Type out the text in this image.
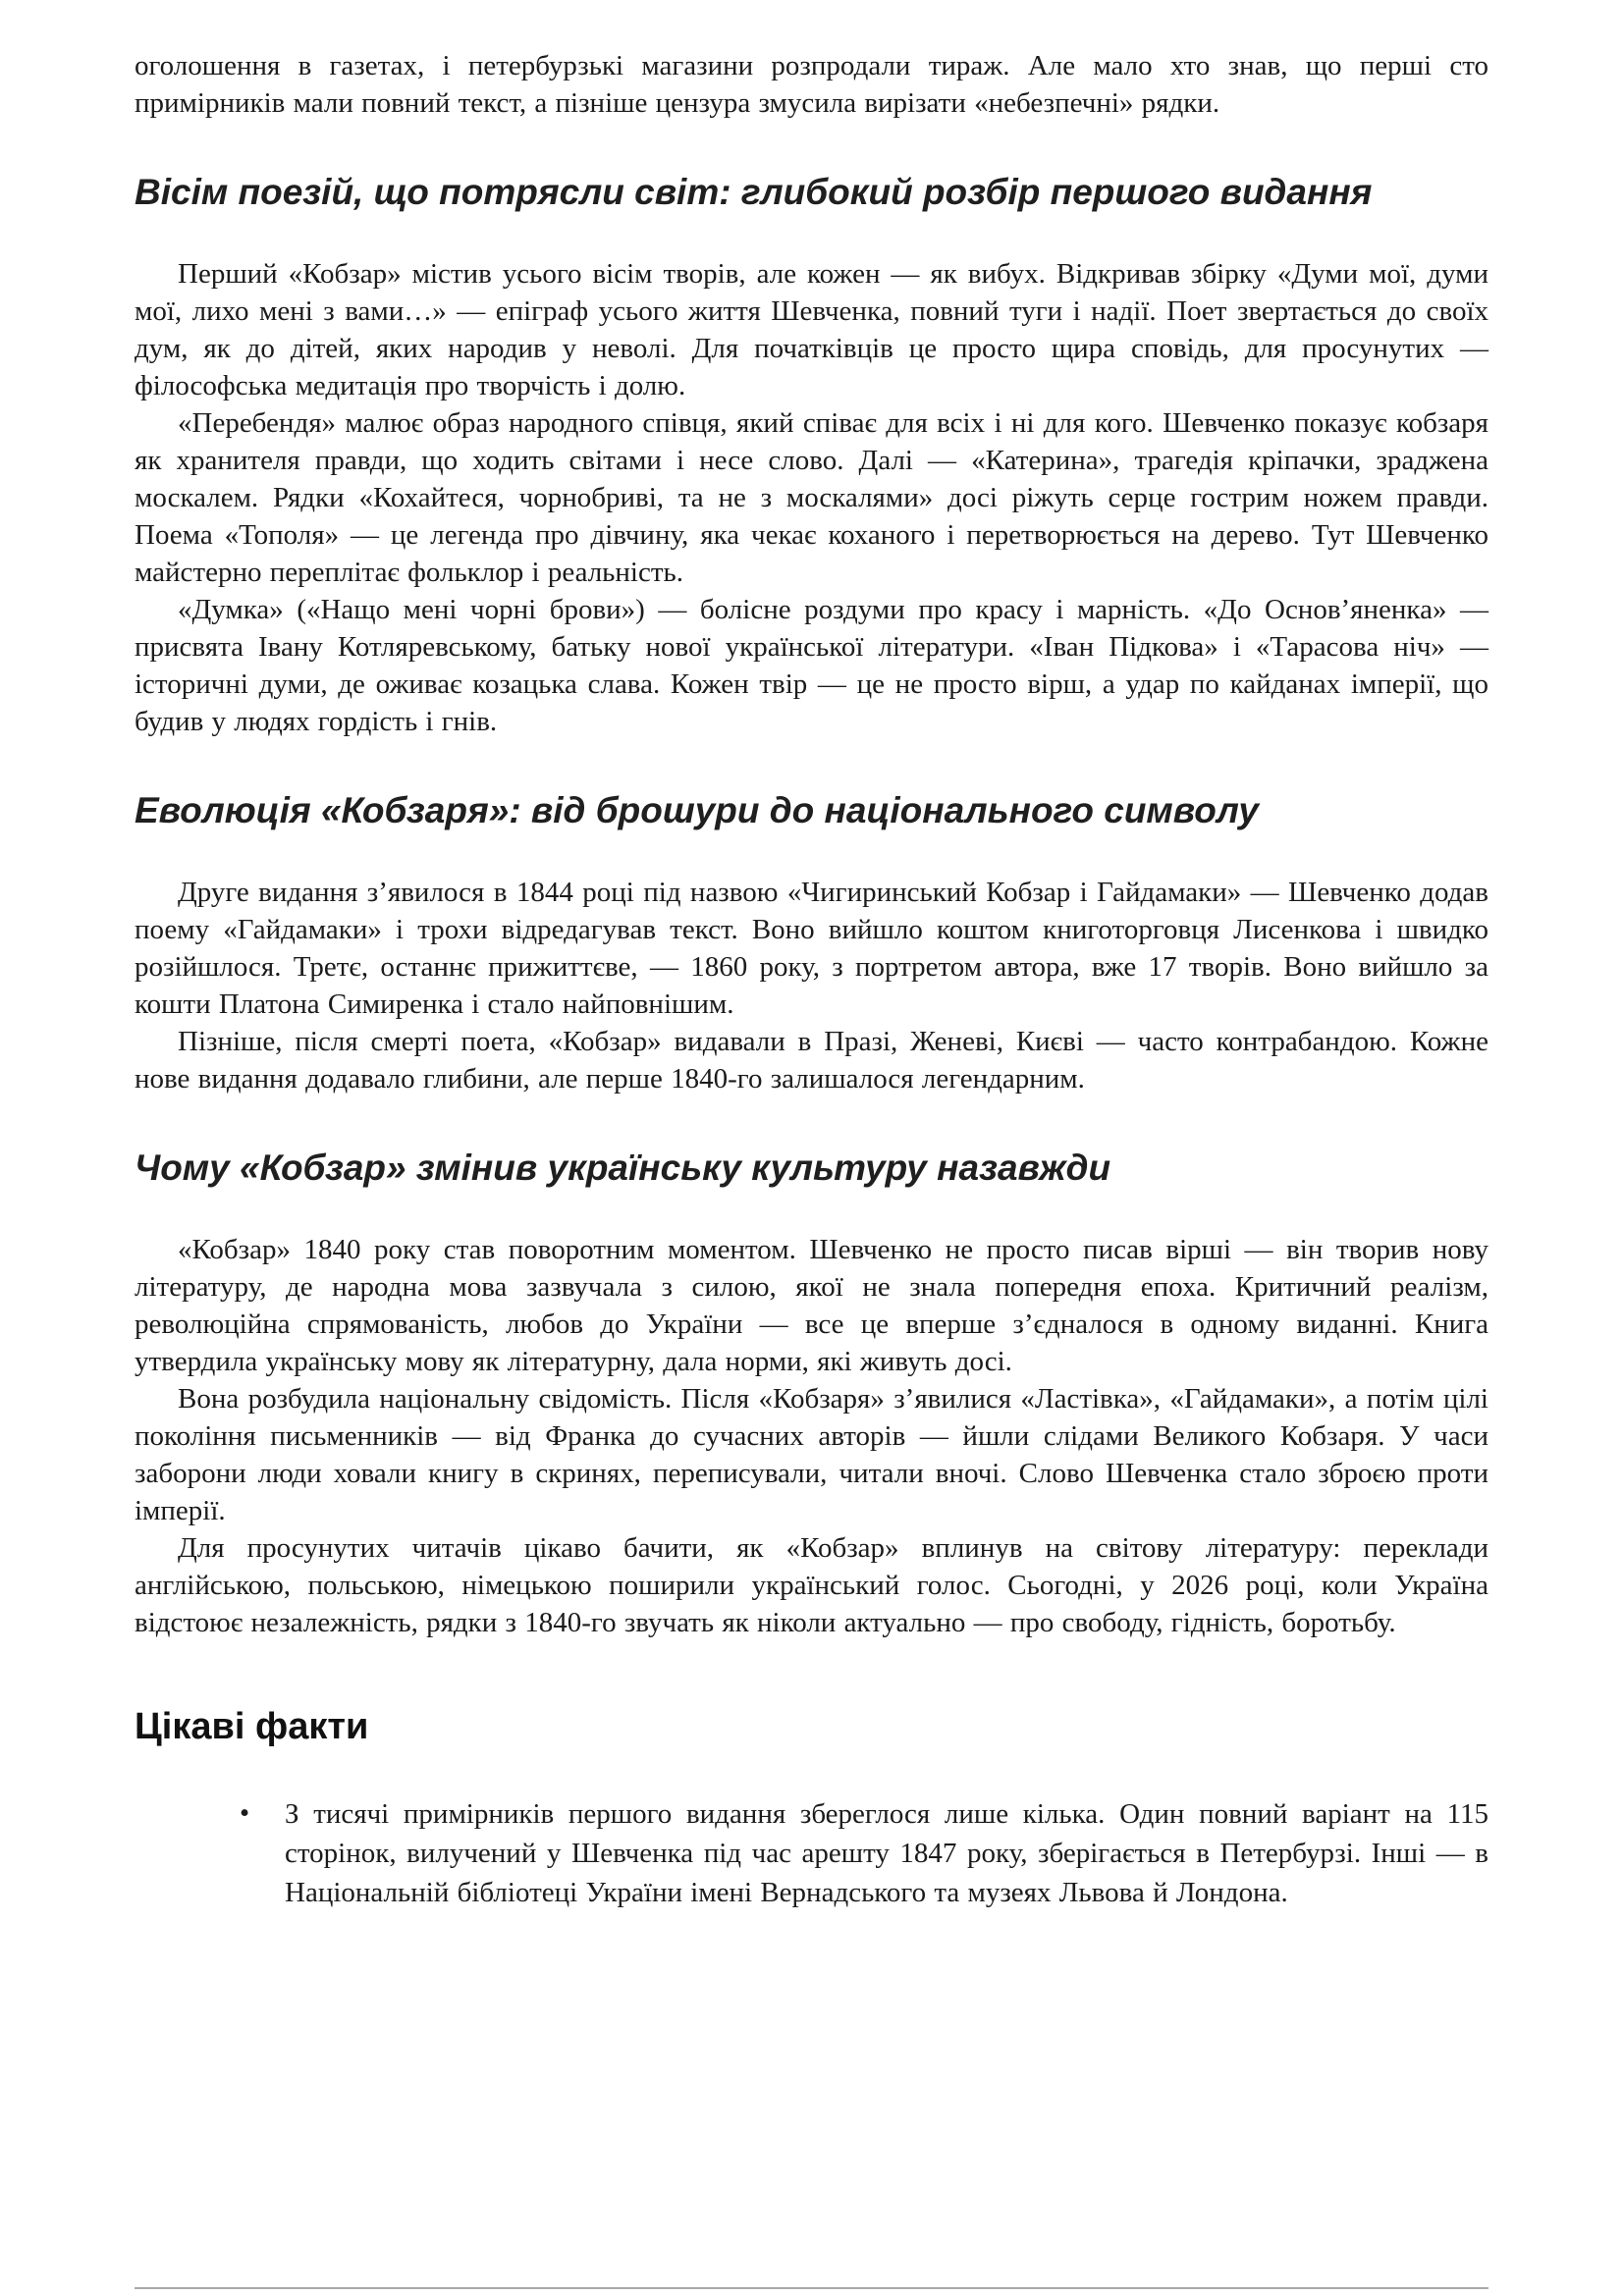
оголошення в газетах, і петербурзькі магазини розпродали тираж. Але мало хто знав, що перші сто примірників мали повний текст, а пізніше цензура змусила вирізати «небезпечні» рядки.

Вісім поезій, що потрясли світ: глибокий розбір першого видання

Перший «Кобзар» містив усього вісім творів, але кожен — як вибух. Відкривав збірку «Думи мої, думи мої, лихо мені з вами…» — епіграф усього життя Шевченка, повний туги і надії. Поет звертається до своїх дум, як до дітей, яких народив у неволі. Для початківців це просто щира сповідь, для просунутих — філософська медитація про творчість і долю.

«Перебендя» малює образ народного співця, який співає для всіх і ні для кого. Шевченко показує кобзаря як хранителя правди, що ходить світами і несе слово. Далі — «Катерина», трагедія кріпачки, зраджена москалем. Рядки «Кохайтеся, чорнобриві, та не з москалями» досі ріжуть серце гострим ножем правди. Поема «Тополя» — це легенда про дівчину, яка чекає коханого і перетворюється на дерево. Тут Шевченко майстерно переплітає фольклор і реальність.

«Думка» («Нащо мені чорні брови») — болісне роздуми про красу і марність. «До Основ’яненка» — присвята Івану Котляревському, батьку нової української літератури. «Іван Підкова» і «Тарасова ніч» — історичні думи, де оживає козацька слава. Кожен твір — це не просто вірш, а удар по кайданах імперії, що будив у людях гордість і гнів.

Еволюція «Кобзаря»: від брошури до національного символу

Друге видання з’явилося в 1844 році під назвою «Чигиринський Кобзар і Гайдамаки» — Шевченко додав поему «Гайдамаки» і трохи відредагував текст. Воно вийшло коштом книготорговця Лисенкова і швидко розійшлося. Третє, останнє прижиттєве, — 1860 року, з портретом автора, вже 17 творів. Воно вийшло за кошти Платона Симиренка і стало найповнішим.

Пізніше, після смерті поета, «Кобзар» видавали в Празі, Женеві, Києві — часто контрабандою. Кожне нове видання додавало глибини, але перше 1840-го залишалося легендарним.

Чому «Кобзар» змінив українську культуру назавжди

«Кобзар» 1840 року став поворотним моментом. Шевченко не просто писав вірші — він творив нову літературу, де народна мова зазвучала з силою, якої не знала попередня епоха. Критичний реалізм, революційна спрямованість, любов до України — все це вперше з’єдналося в одному виданні. Книга утвердила українську мову як літературну, дала норми, які живуть досі.

Вона розбудила національну свідомість. Після «Кобзаря» з’явилися «Ластівка», «Гайдамаки», а потім цілі покоління письменників — від Франка до сучасних авторів — йшли слідами Великого Кобзаря. У часи заборони люди ховали книгу в скринях, переписували, читали вночі. Слово Шевченка стало зброєю проти імперії.

Для просунутих читачів цікаво бачити, як «Кобзар» вплинув на світову літературу: переклади англійською, польською, німецькою поширили український голос. Сьогодні, у 2026 році, коли Україна відстоює незалежність, рядки з 1840-го звучать як ніколи актуально — про свободу, гідність, боротьбу.

Цікаві факти
• З тисячі примірників першого видання збереглося лише кілька. Один повний варіант на 115 сторінок, вилучений у Шевченка під час арешту 1847 року, зберігається в Петербурзі. Інші — в Національній бібліотеці України імені Вернадського та музеях Львова й Лондона.
